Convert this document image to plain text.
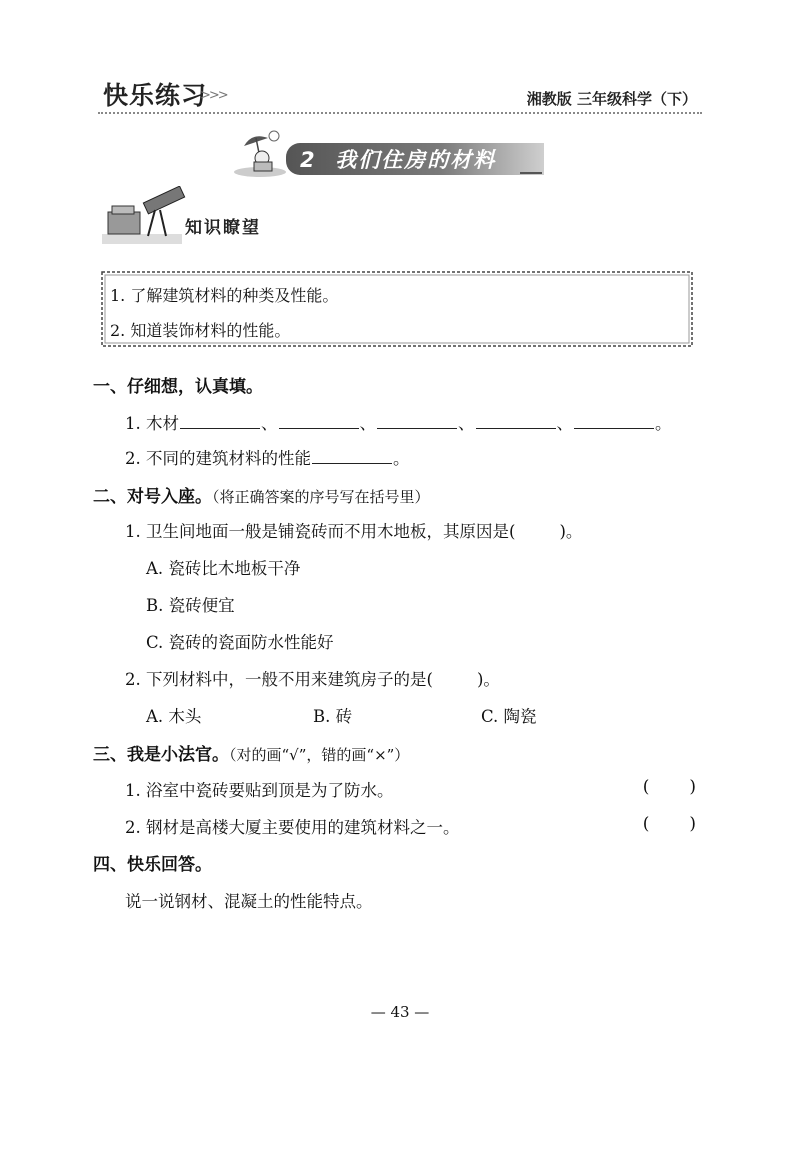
快乐练习
>>>	湘教版 三年级科学（下）
2 我们住房的材料
知识瞭望
1. 了解建筑材料的种类及性能。
2. 知道装饰材料的性能。
一、仔细想，认真填。
1. 木材	、	、	、	、	。
2. 不同的建筑材料的性能	。
二、对号入座。（将正确答案的序号写在括号里）
1. 卫生间地面一般是铺瓷砖而不用木地板，其原因是(	)。
A. 瓷砖比木地板干净
B. 瓷砖便宜
C. 瓷砖的瓷面防水性能好
2. 下列材料中，一般不用来建筑房子的是(	)。
A. 木头	B. 砖	C. 陶瓷
三、我是小法官。（对的画“√”，错的画“×”）
1. 浴室中瓷砖要贴到顶是为了防水。	( )
2. 钢材是高楼大厦主要使用的建筑材料之一。	( )
四、快乐回答。
说一说钢材、混凝土的性能特点。
— 43 —
